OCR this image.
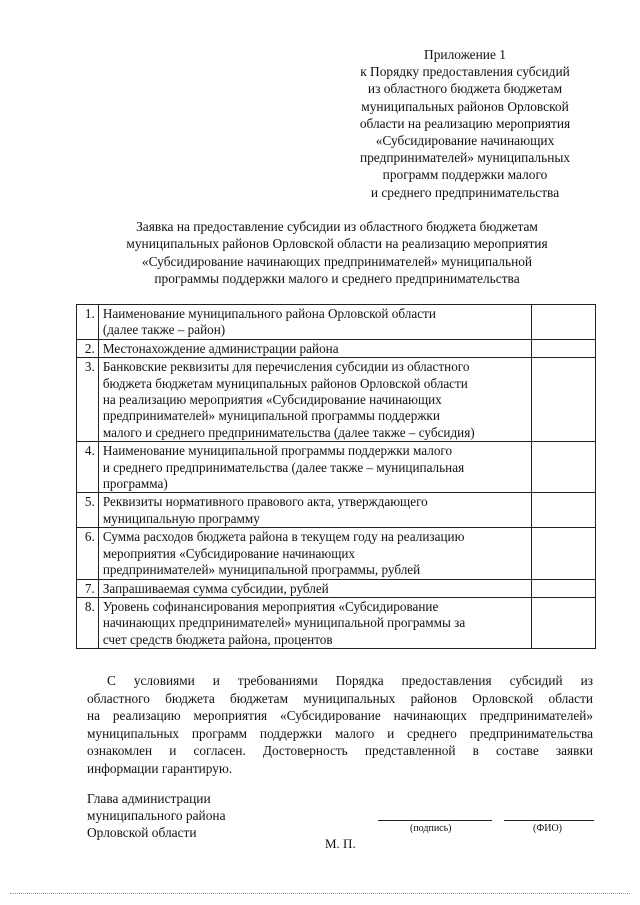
Приложение 1
к Порядку предоставления субсидий
из областного бюджета бюджетам
муниципальных районов Орловской
области на реализацию мероприятия
«Субсидирование начинающих
предпринимателей» муниципальных
программ поддержки малого
и среднего предпринимательства
Заявка на предоставление субсидии из областного бюджета бюджетам
муниципальных районов Орловской области на реализацию мероприятия
«Субсидирование начинающих предпринимателей» муниципальной
программы поддержки малого и среднего предпринимательства
1.	Наименование муниципального района Орловской области
(далее также – район)	

2.	Местонахождение администрации района	

3.	Банковские реквизиты для перечисления субсидии из областного
бюджета бюджетам муниципальных районов Орловской области
на реализацию мероприятия «Субсидирование начинающих
предпринимателей» муниципальной программы поддержки
малого и среднего предпринимательства (далее также – субсидия)	

4.	Наименование муниципальной программы поддержки малого
и среднего предпринимательства (далее также – муниципальная
программа)	

5.	Реквизиты нормативного правового акта, утверждающего
муниципальную программу	

6.	Сумма расходов бюджета района в текущем году на реализацию
мероприятия «Субсидирование начинающих
предпринимателей» муниципальной программы, рублей	

7.	Запрашиваемая сумма субсидии, рублей	

8.	Уровень софинансирования мероприятия «Субсидирование
начинающих предпринимателей» муниципальной программы за
счет средств бюджета района, процентов	

С условиями и требованиями Порядка предоставления субсидий из
областного бюджета бюджетам муниципальных районов Орловской области
на реализацию мероприятия «Субсидирование начинающих предпринимателей»
муниципальных программ поддержки малого и среднего предпринимательства
ознакомлен и согласен. Достоверность представленной в составе заявки
информации гарантирую.
Глава администрации
муниципального района
Орловской области	(подпись)	(ФИО)
М. П.
